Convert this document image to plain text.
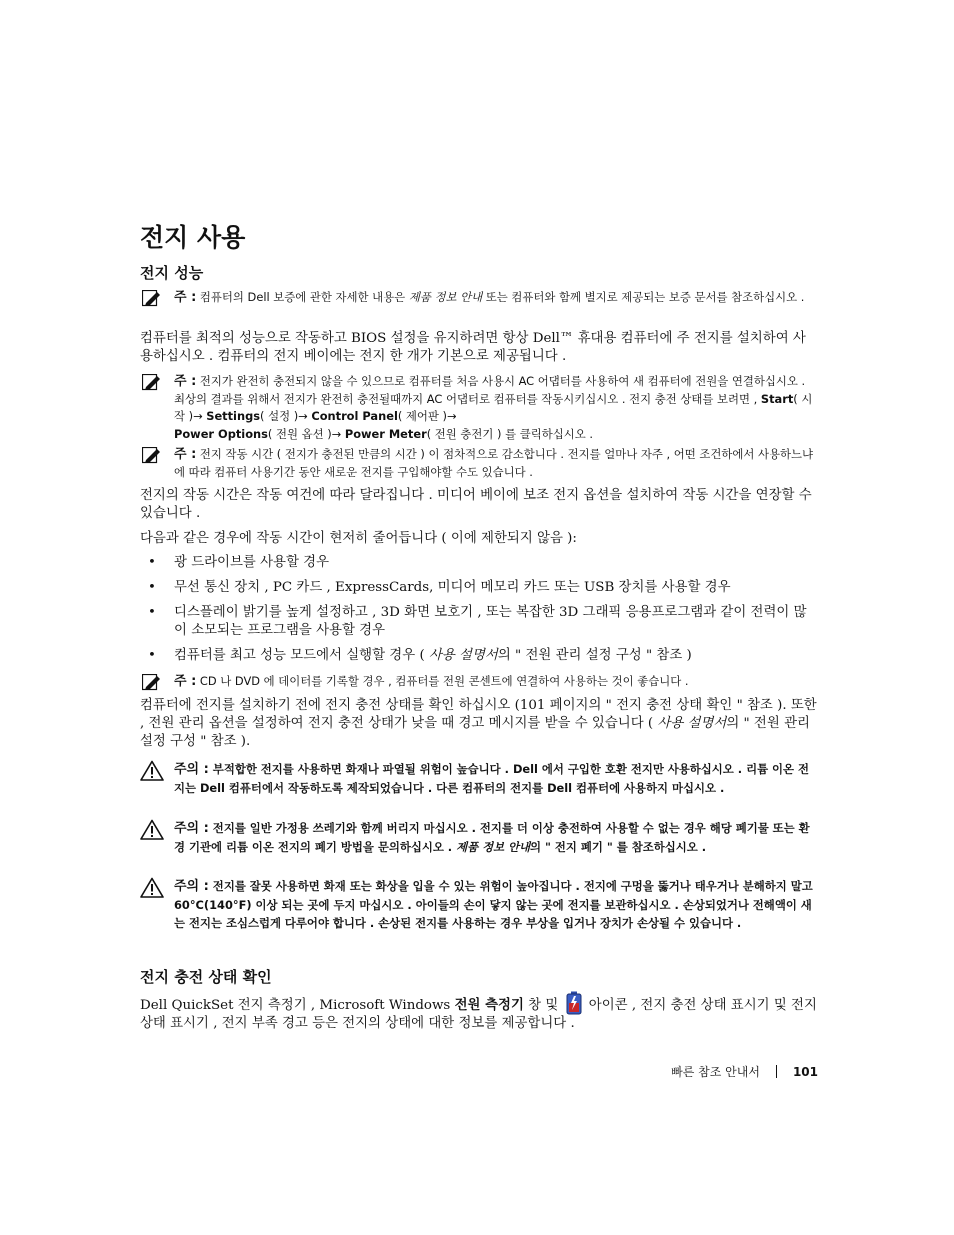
전지 사용
전지 성능
주 : 컴퓨터의 Dell 보증에 관한 자세한 내용은 제품 정보 안내 또는 컴퓨터와 함께 별지로 제공되는 보증 문서를 참조하십시오 .

컴퓨터를 최적의 성능으로 작동하고 BIOS 설정을 유지하려면 항상 Dell™ 휴대용 컴퓨터에 주 전지를 설치하여 사용하십시오 . 컴퓨터의 전지 베이에는 전지 한 개가 기본으로 제공됩니다 .

주 : 전지가 완전히 충전되지 않을 수 있으므로 컴퓨터를 처음 사용시 AC 어댑터를 사용하여 새 컴퓨터에 전원을 연결하십시오 . 최상의 결과를 위해서 전지가 완전히 충전될때까지 AC 어댑터로 컴퓨터를 작동시키십시오 . 전지 충전 상태를 보려면 , Start( 시작 )→ Settings( 설정 )→ Control Panel( 제어판 )→
Power Options( 전원 옵션 )→ Power Meter( 전원 충전기 ) 를 클릭하십시오 .
주 : 전지 작동 시간 ( 전지가 충전된 만큼의 시간 ) 이 점차적으로 감소합니다 . 전지를 얼마나 자주 , 어떤 조건하에서 사용하느냐에 따라 컴퓨터 사용기간 동안 새로운 전지를 구입해야할 수도 있습니다 .

전지의 작동 시간은 작동 여건에 따라 달라집니다 . 미디어 베이에 보조 전지 옵션을 설치하여 작동 시간을 연장할 수 있습니다 .

다음과 같은 경우에 작동 시간이 현저히 줄어듭니다 ( 이에 제한되지 않음 ):

• 광 드라이브를 사용할 경우
• 무선 통신 장치 , PC 카드 , ExpressCards, 미디어 메모리 카드 또는 USB 장치를 사용할 경우
• 디스플레이 밝기를 높게 설정하고 , 3D 화면 보호기 , 또는 복잡한 3D 그래픽 응용프로그램과 같이 전력이 많이 소모되는 프로그램을 사용할 경우
• 컴퓨터를 최고 성능 모드에서 실행할 경우 ( 사용 설명서의 " 전원 관리 설정 구성 " 참조 )
주 : CD 나 DVD 에 데이터를 기록할 경우 , 컴퓨터를 전원 콘센트에 연결하여 사용하는 것이 좋습니다 .

컴퓨터에 전지를 설치하기 전에 전지 충전 상태를 확인 하십시오 (101 페이지의 " 전지 충전 상태 확인 " 참조 ). 또한 , 전원 관리 옵션을 설정하여 전지 충전 상태가 낮을 때 경고 메시지를 받을 수 있습니다 ( 사용 설명서의 " 전원 관리 설정 구성 " 참조 ).

주의 : 부적합한 전지를 사용하면 화재나 파열될 위험이 높습니다 . Dell 에서 구입한 호환 전지만 사용하십시오 . 리튬 이온 전지는 Dell 컴퓨터에서 작동하도록 제작되었습니다 . 다른 컴퓨터의 전지를 Dell 컴퓨터에 사용하지 마십시오 .
주의 : 전지를 일반 가정용 쓰레기와 함께 버리지 마십시오 . 전지를 더 이상 충전하여 사용할 수 없는 경우 해당 폐기물 또는 환경 기관에 리튬 이온 전지의 폐기 방법을 문의하십시오 . 제품 정보 안내의 " 전지 폐기 " 를 참조하십시오 .
주의 : 전지를 잘못 사용하면 화재 또는 화상을 입을 수 있는 위험이 높아집니다 . 전지에 구멍을 뚫거나 태우거나 분해하지 말고 60°C(140°F) 이상 되는 곳에 두지 마십시오 . 아이들의 손이 닿지 않는 곳에 전지를 보관하십시오 . 손상되었거나 전해액이 새는 전지는 조심스럽게 다루어야 합니다 . 손상된 전지를 사용하는 경우 부상을 입거나 장치가 손상될 수 있습니다 .
전지 충전 상태 확인

Dell QuickSet 전지 측정기 , Microsoft Windows 전원 측정기 창 및  아이콘 , 전지 충전 상태 표시기 및 전지 상태 표시기 , 전지 부족 경고 등은 전지의 상태에 대한 정보를 제공합니다 .

빠른 참조 안내서	101
